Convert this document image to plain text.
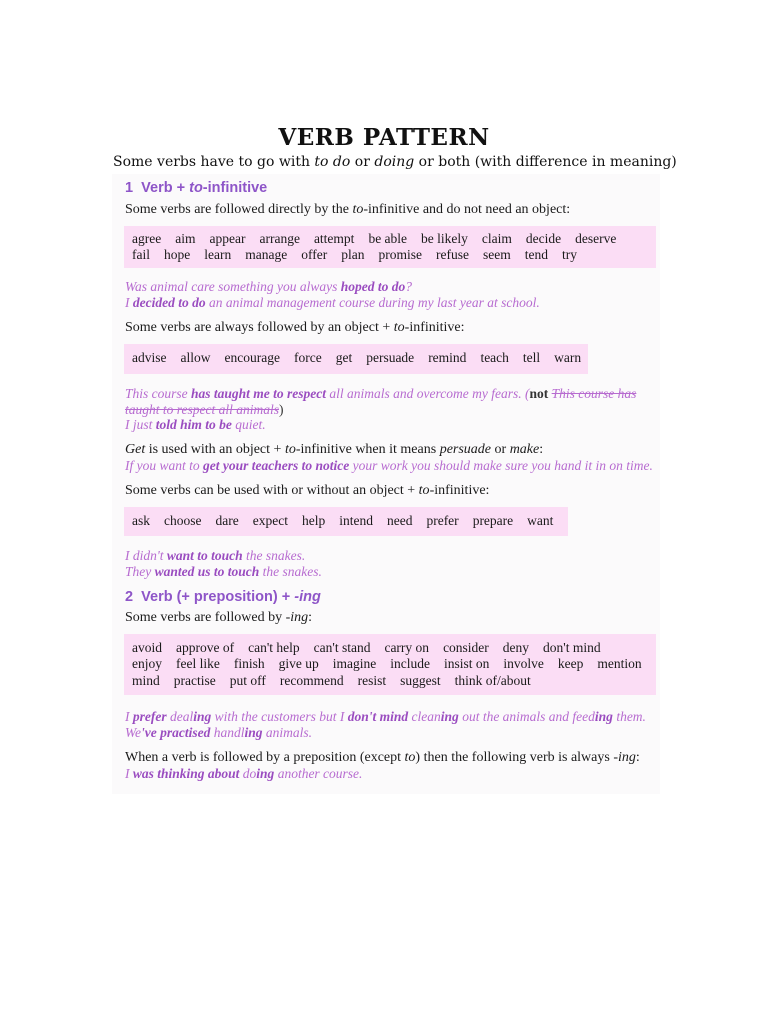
VERB PATTERN
Some verbs have to go with to do or doing or both (with difference in meaning)
1 Verb + to-infinitive
Some verbs are followed directly by the to-infinitive and do not need an object:
agree aim appear arrange attempt be able be likely claim decide deserve
fail hope learn manage offer plan promise refuse seem tend try
Was animal care something you always hoped to do?
I decided to do an animal management course during my last year at school.
Some verbs are always followed by an object + to-infinitive:
advise allow encourage force get persuade remind teach tell warn
This course has taught me to respect all animals and overcome my fears. (not This course has
taught to respect all animals)
I just told him to be quiet.
Get is used with an object + to-infinitive when it means persuade or make:
If you want to get your teachers to notice your work you should make sure you hand it in on time.
Some verbs can be used with or without an object + to-infinitive:
ask choose dare expect help intend need prefer prepare want
I didn't want to touch the snakes.
They wanted us to touch the snakes.
2 Verb (+ preposition) + -ing
Some verbs are followed by -ing:
avoid approve of can't help can't stand carry on consider deny don't mind
enjoy feel like finish give up imagine include insist on involve keep mention
mind practise put off recommend resist suggest think of/about
I prefer dealing with the customers but I don't mind cleaning out the animals and feeding them.
We've practised handling animals.
When a verb is followed by a preposition (except to) then the following verb is always -ing:
I was thinking about doing another course.
